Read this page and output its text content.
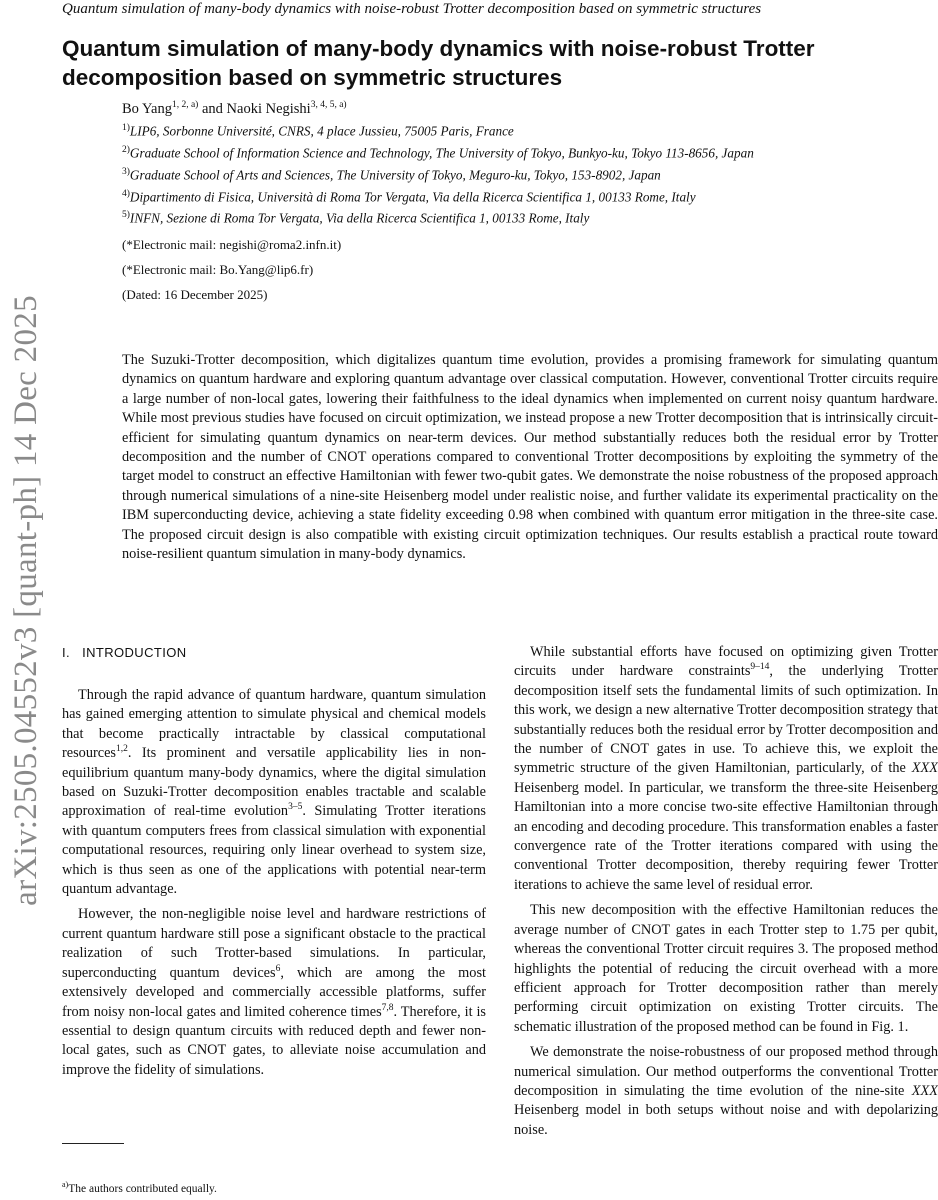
Quantum simulation of many-body dynamics with noise-robust Trotter decomposition based on symmetric structures
arXiv:2505.04552v3 [quant-ph] 14 Dec 2025
Quantum simulation of many-body dynamics with noise-robust Trotter decomposition based on symmetric structures

Bo Yang$^{1, 2, a)}$ and Naoki Negishi$^{3, 4, 5, a)}$

$^{1)}$LIP6, Sorbonne Université, CNRS, 4 place Jussieu, 75005 Paris, France

$^{2)}$Graduate School of Information Science and Technology, The University of Tokyo, Bunkyo-ku, Tokyo 113-8656, Japan

$^{3)}$Graduate School of Arts and Sciences, The University of Tokyo, Meguro-ku, Tokyo, 153-8902, Japan

$^{4)}$Dipartimento di Fisica, Università di Roma Tor Vergata, Via della Ricerca Scientifica 1, 00133 Rome, Italy

$^{5)}$INFN, Sezione di Roma Tor Vergata, Via della Ricerca Scientifica 1, 00133 Rome, Italy

(*Electronic mail: negishi@roma2.infn.it)

(*Electronic mail: Bo.Yang@lip6.fr)

(Dated: 16 December 2025)

The Suzuki-Trotter decomposition, which digitalizes quantum time evolution, provides a promising framework for simulating quantum dynamics on quantum hardware and exploring quantum advantage over classical computation. However, conventional Trotter circuits require a large number of non-local gates, lowering their faithfulness to the ideal dynamics when implemented on current noisy quantum hardware. While most previous studies have focused on circuit optimization, we instead propose a new Trotter decomposition that is intrinsically circuit-efficient for simulating quantum dynamics on near-term devices. Our method substantially reduces both the residual error by Trotter decomposition and the number of CNOT operations compared to conventional Trotter decompositions by exploiting the symmetry of the target model to construct an effective Hamiltonian with fewer two-qubit gates. We demonstrate the noise robustness of the proposed approach through numerical simulations of a nine-site Heisenberg model under realistic noise, and further validate its experimental practicality on the IBM superconducting device, achieving a state fidelity exceeding 0.98 when combined with quantum error mitigation in the three-site case. The proposed circuit design is also compatible with existing circuit optimization techniques. Our results establish a practical route toward noise-resilient quantum simulation in many-body dynamics.

I. INTRODUCTION

Through the rapid advance of quantum hardware, quantum simulation has gained emerging attention to simulate physical and chemical models that become practically intractable by classical computational resources$^{1,2}$. Its prominent and versatile applicability lies in non-equilibrium quantum many-body dynamics, where the digital simulation based on Suzuki-Trotter decomposition enables tractable and scalable approximation of real-time evolution$^{3-5}$. Simulating Trotter iterations with quantum computers frees from classical simulation with exponential computational resources, requiring only linear overhead to system size, which is thus seen as one of the applications with potential near-term quantum advantage.

However, the non-negligible noise level and hardware restrictions of current quantum hardware still pose a significant obstacle to the practical realization of such Trotter-based simulations. In particular, superconducting quantum devices$^6$, which are among the most extensively developed and commercially accessible platforms, suffer from noisy non-local gates and limited coherence times$^{7,8}$. Therefore, it is essential to design quantum circuits with reduced depth and fewer non-local gates, such as CNOT gates, to alleviate noise accumulation and improve the fidelity of simulations.

While substantial efforts have focused on optimizing given Trotter circuits under hardware constraints$^{9-14}$, the underlying Trotter decomposition itself sets the fundamental limits of such optimization. In this work, we design a new alternative Trotter decomposition strategy that substantially reduces both the residual error by Trotter decomposition and the number of CNOT gates in use. To achieve this, we exploit the symmetric structure of the given Hamiltonian, particularly, of the XXX Heisenberg model. In particular, we transform the three-site Heisenberg Hamiltonian into a more concise two-site effective Hamiltonian through an encoding and decoding procedure. This transformation enables a faster convergence rate of the Trotter iterations compared with using the conventional Trotter decomposition, thereby requiring fewer Trotter iterations to achieve the same level of residual error.

This new decomposition with the effective Hamiltonian reduces the average number of CNOT gates in each Trotter step to 1.75 per qubit, whereas the conventional Trotter circuit requires 3. The proposed method highlights the potential of reducing the circuit overhead with a more efficient approach for Trotter decomposition rather than merely performing circuit optimization on existing Trotter circuits. The schematic illustration of the proposed method can be found in Fig. 1.

We demonstrate the noise-robustness of our proposed method through numerical simulation. Our method outperforms the conventional Trotter decomposition in simulating the time evolution of the nine-site XXX Heisenberg model in both setups without noise and with depolarizing noise.

$^{a)}$The authors contributed equally.
